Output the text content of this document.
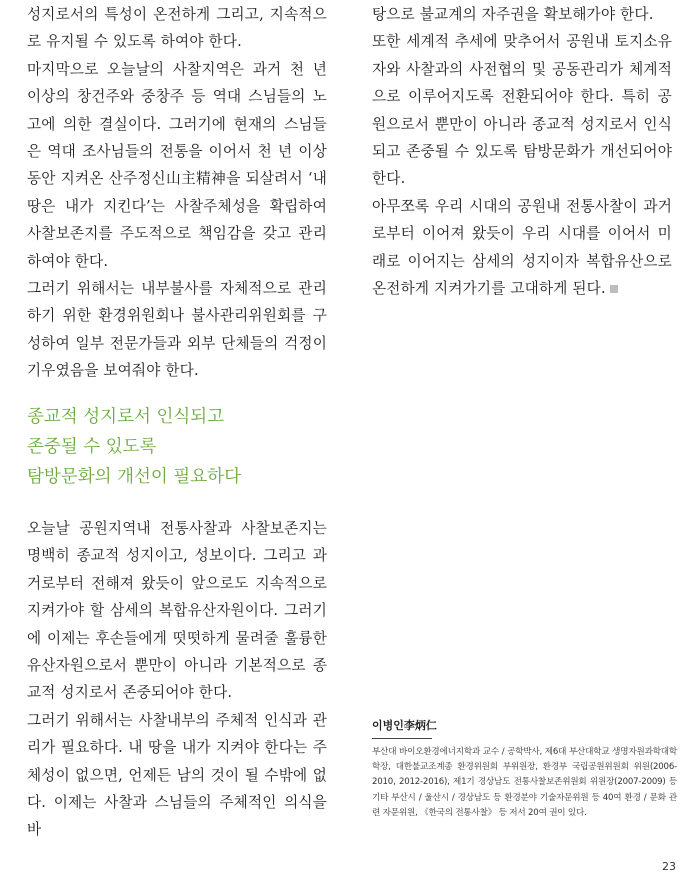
성지로서의 특성이 온전하게 그리고, 지속적으로 유지될 수 있도록 하여야 한다.

마지막으로 오늘날의 사찰지역은 과거 천 년 이상의 창건주와 중창주 등 역대 스님들의 노고에 의한 결실이다. 그러기에 현재의 스님들은 역대 조사님들의 전통을 이어서 천 년 이상 동안 지켜온 산주정신山主精神을 되살려서 ‘내 땅은 내가 지킨다’는 사찰주체성을 확립하여 사찰보존지를 주도적으로 책임감을 갖고 관리하여야 한다.

그러기 위해서는 내부불사를 자체적으로 관리하기 위한 환경위원회나 불사관리위원회를 구성하여 일부 전문가들과 외부 단체들의 걱정이 기우였음을 보여줘야 한다.

종교적 성지로서 인식되고
존중될 수 있도록
탐방문화의 개선이 필요하다

오늘날 공원지역내 전통사찰과 사찰보존지는 명백히 종교적 성지이고, 성보이다. 그리고 과거로부터 전해져 왔듯이 앞으로도 지속적으로 지켜가야 할 삼세의 복합유산자원이다. 그러기에 이제는 후손들에게 떳떳하게 물려줄 훌륭한 유산자원으로서 뿐만이 아니라 기본적으로 종교적 성지로서 존중되어야 한다.

그러기 위해서는 사찰내부의 주체적 인식과 관리가 필요하다. 내 땅을 내가 지켜야 한다는 주체성이 없으면, 언제든 남의 것이 될 수밖에 없다. 이제는 사찰과 스님들의 주체적인 의식을 바

탕으로 불교계의 자주권을 확보해가야 한다.

또한 세계적 추세에 맞추어서 공원내 토지소유자와 사찰과의 사전협의 및 공동관리가 체계적으로 이루어지도록 전환되어야 한다. 특히 공원으로서 뿐만이 아니라 종교적 성지로서 인식되고 존중될 수 있도록 탐방문화가 개선되어야 한다.

아무쪼록 우리 시대의 공원내 전통사찰이 과거로부터 이어져 왔듯이 우리 시대를 이어서 미래로 이어지는 삼세의 성지이자 복합유산으로 온전하게 지켜가기를 고대하게 된다.

이병인李炳仁

부산대 바이오환경에너지학과 교수 / 공학박사, 제6대 부산대학교 생명자원과학대학 학장, 대한불교조계종 환경위원회 부위원장, 환경부 국립공원위원회 위원(2006-2010, 2012-2016), 제1기 경상남도 전통사찰보존위원회 위원장(2007-2009) 등 기타 부산시 / 울산시 / 경상남도 등 환경분야 기술자문위원 등 40여 환경 / 문화 관련 자문위원, 《한국의 전통사찰》 등 저서 20여 권이 있다.

23
